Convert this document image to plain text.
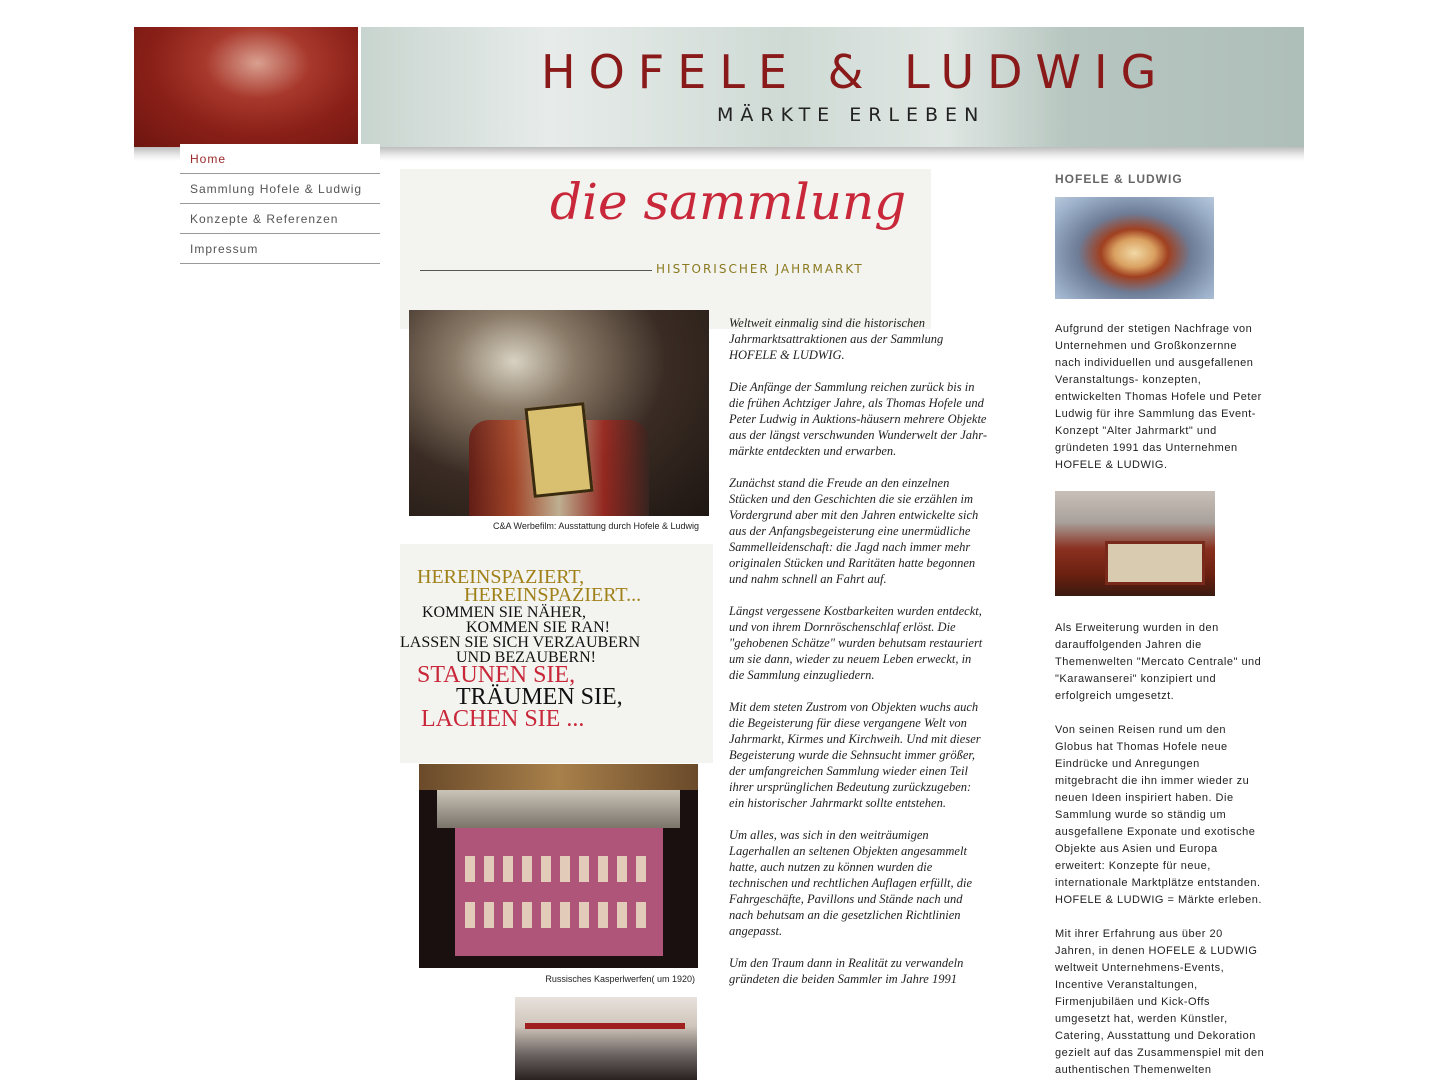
HOFELE & LUDWIG
MÄRKTE ERLEBEN
Home
Sammlung Hofele & Ludwig
Konzepte & Referenzen
Impressum
die sammlung
HISTORISCHER JAHRMARKT
C&A Werbefilm: Ausstattung durch Hofele & Ludwig
HEREINSPAZIERT,
HEREINSPAZIERT...
KOMMEN SIE NÄHER,
KOMMEN SIE RAN!
LASSEN SIE SICH VERZAUBERN
UND BEZAUBERN!
STAUNEN SIE,
TRÄUMEN SIE,
LACHEN SIE ...
Russisches Kasperlwerfen( um 1920)

Weltweit einmalig sind die historischen Jahrmarktsattraktionen aus der Sammlung HOFELE & LUDWIG.

Die Anfänge der Sammlung reichen zurück bis in die frühen Achtziger Jahre, als Thomas Hofele und Peter Ludwig in Auktions-häusern mehrere Objekte aus der längst verschwunden Wunderwelt der Jahr-märkte entdeckten und erwarben.

Zunächst stand die Freude an den einzelnen Stücken und den Geschichten die sie erzählen im Vordergrund aber mit den Jahren entwickelte sich aus der Anfangsbegeisterung eine unermüdliche Sammelleidenschaft: die Jagd nach immer mehr originalen Stücken und Raritäten hatte begonnen und nahm schnell an Fahrt auf.

Längst vergessene Kostbarkeiten wurden entdeckt, und von ihrem Dornröschenschlaf erlöst. Die "gehobenen Schätze" wurden behutsam restauriert um sie dann, wieder zu neuem Leben erweckt, in die Sammlung einzugliedern.

Mit dem steten Zustrom von Objekten wuchs auch die Begeisterung für diese vergangene Welt von Jahrmarkt, Kirmes und Kirchweih. Und mit dieser Begeisterung wurde die Sehnsucht immer größer, der umfangreichen Sammlung wieder einen Teil ihrer ursprünglichen Bedeutung zurückzugeben: ein historischer Jahrmarkt sollte entstehen.

Um alles, was sich in den weiträumigen Lagerhallen an seltenen Objekten angesammelt hatte, auch nutzen zu können wurden die technischen und rechtlichen Auflagen erfüllt, die Fahrgeschäfte, Pavillons und Stände nach und nach behutsam an die gesetzlichen Richtlinien angepasst.

Um den Traum dann in Realität zu verwandeln gründeten die beiden Sammler im Jahre 1991

HOFELE & LUDWIG

Aufgrund der stetigen Nachfrage von Unternehmen und Großkonzernne nach individuellen und ausgefallenen Veranstaltungs- konzepten, entwickelten Thomas Hofele und Peter Ludwig für ihre Sammlung das Event-Konzept "Alter Jahrmarkt" und gründeten 1991 das Unternehmen HOFELE & LUDWIG.

Als Erweiterung wurden in den darauffolgenden Jahren die Themenwelten "Mercato Centrale" und "Karawanserei" konzipiert und erfolgreich umgesetzt.

Von seinen Reisen rund um den Globus hat Thomas Hofele neue Eindrücke und Anregungen mitgebracht die ihn immer wieder zu neuen Ideen inspiriert haben. Die Sammlung wurde so ständig um ausgefallene Exponate und exotische Objekte aus Asien und Europa erweitert: Konzepte für neue, internationale Marktplätze entstanden. HOFELE & LUDWIG = Märkte erleben.

Mit ihrer Erfahrung aus über 20 Jahren, in denen HOFELE & LUDWIG weltweit Unternehmens-Events, Incentive Veranstaltungen, Firmenjubiläen und Kick-Offs umgesetzt hat, werden Künstler, Catering, Ausstattung und Dekoration gezielt auf das Zusammenspiel mit den authentischen Themenwelten
